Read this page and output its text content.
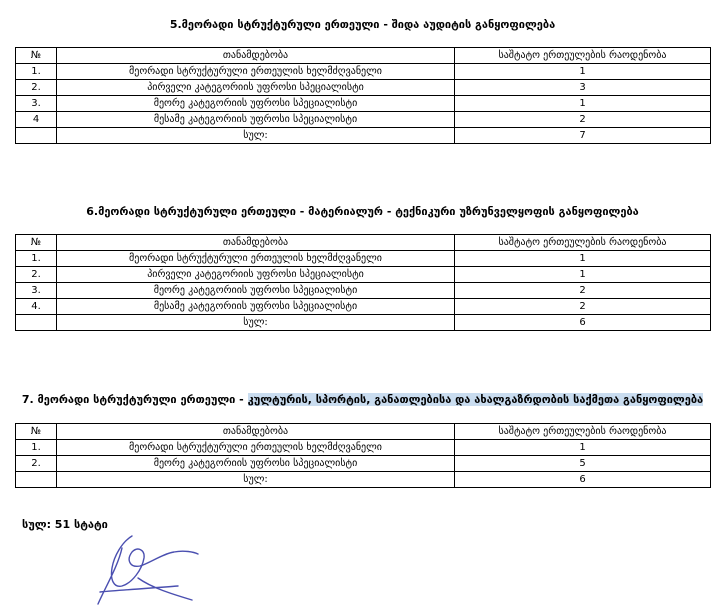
5.მეორადი სტრუქტურული ერთეული - შიდა აუდიტის განყოფილება
№	თანამდებობა	საშტატო ერთეულების რაოდენობა
1.	მეორადი სტრუქტურული ერთეულის ხელმძღვანელი	1
2.	პირველი კატეგორიის უფროსი სპეციალისტი	3
3.	მეორე კატეგორიის უფროსი სპეციალისტი	1
4	მესამე კატეგორიის უფროსი სპეციალისტი	2
	სულ:	7
6.მეორადი სტრუქტურული ერთეული - მატერიალურ - ტექნიკური უზრუნველყოფის განყოფილება
№	თანამდებობა	საშტატო ერთეულების რაოდენობა
1.	მეორადი სტრუქტურული ერთეულის ხელმძღვანელი	1
2.	პირველი კატეგორიის უფროსი სპეციალისტი	1
3.	მეორე კატეგორიის უფროსი სპეციალისტი	2
4.	მესამე კატეგორიის უფროსი სპეციალისტი	2
	სულ:	6
7. მეორადი სტრუქტურული ერთეული - კულტურის, სპორტის, განათლებისა და ახალგაზრდობის საქმეთა განყოფილება
№	თანამდებობა	საშტატო ერთეულების რაოდენობა
1.	მეორადი სტრუქტურული ერთეულის ხელმძღვანელი	1
2.	მეორე კატეგორიის უფროსი სპეციალისტი	5
	სულ:	6
სულ: 51 სტატი
